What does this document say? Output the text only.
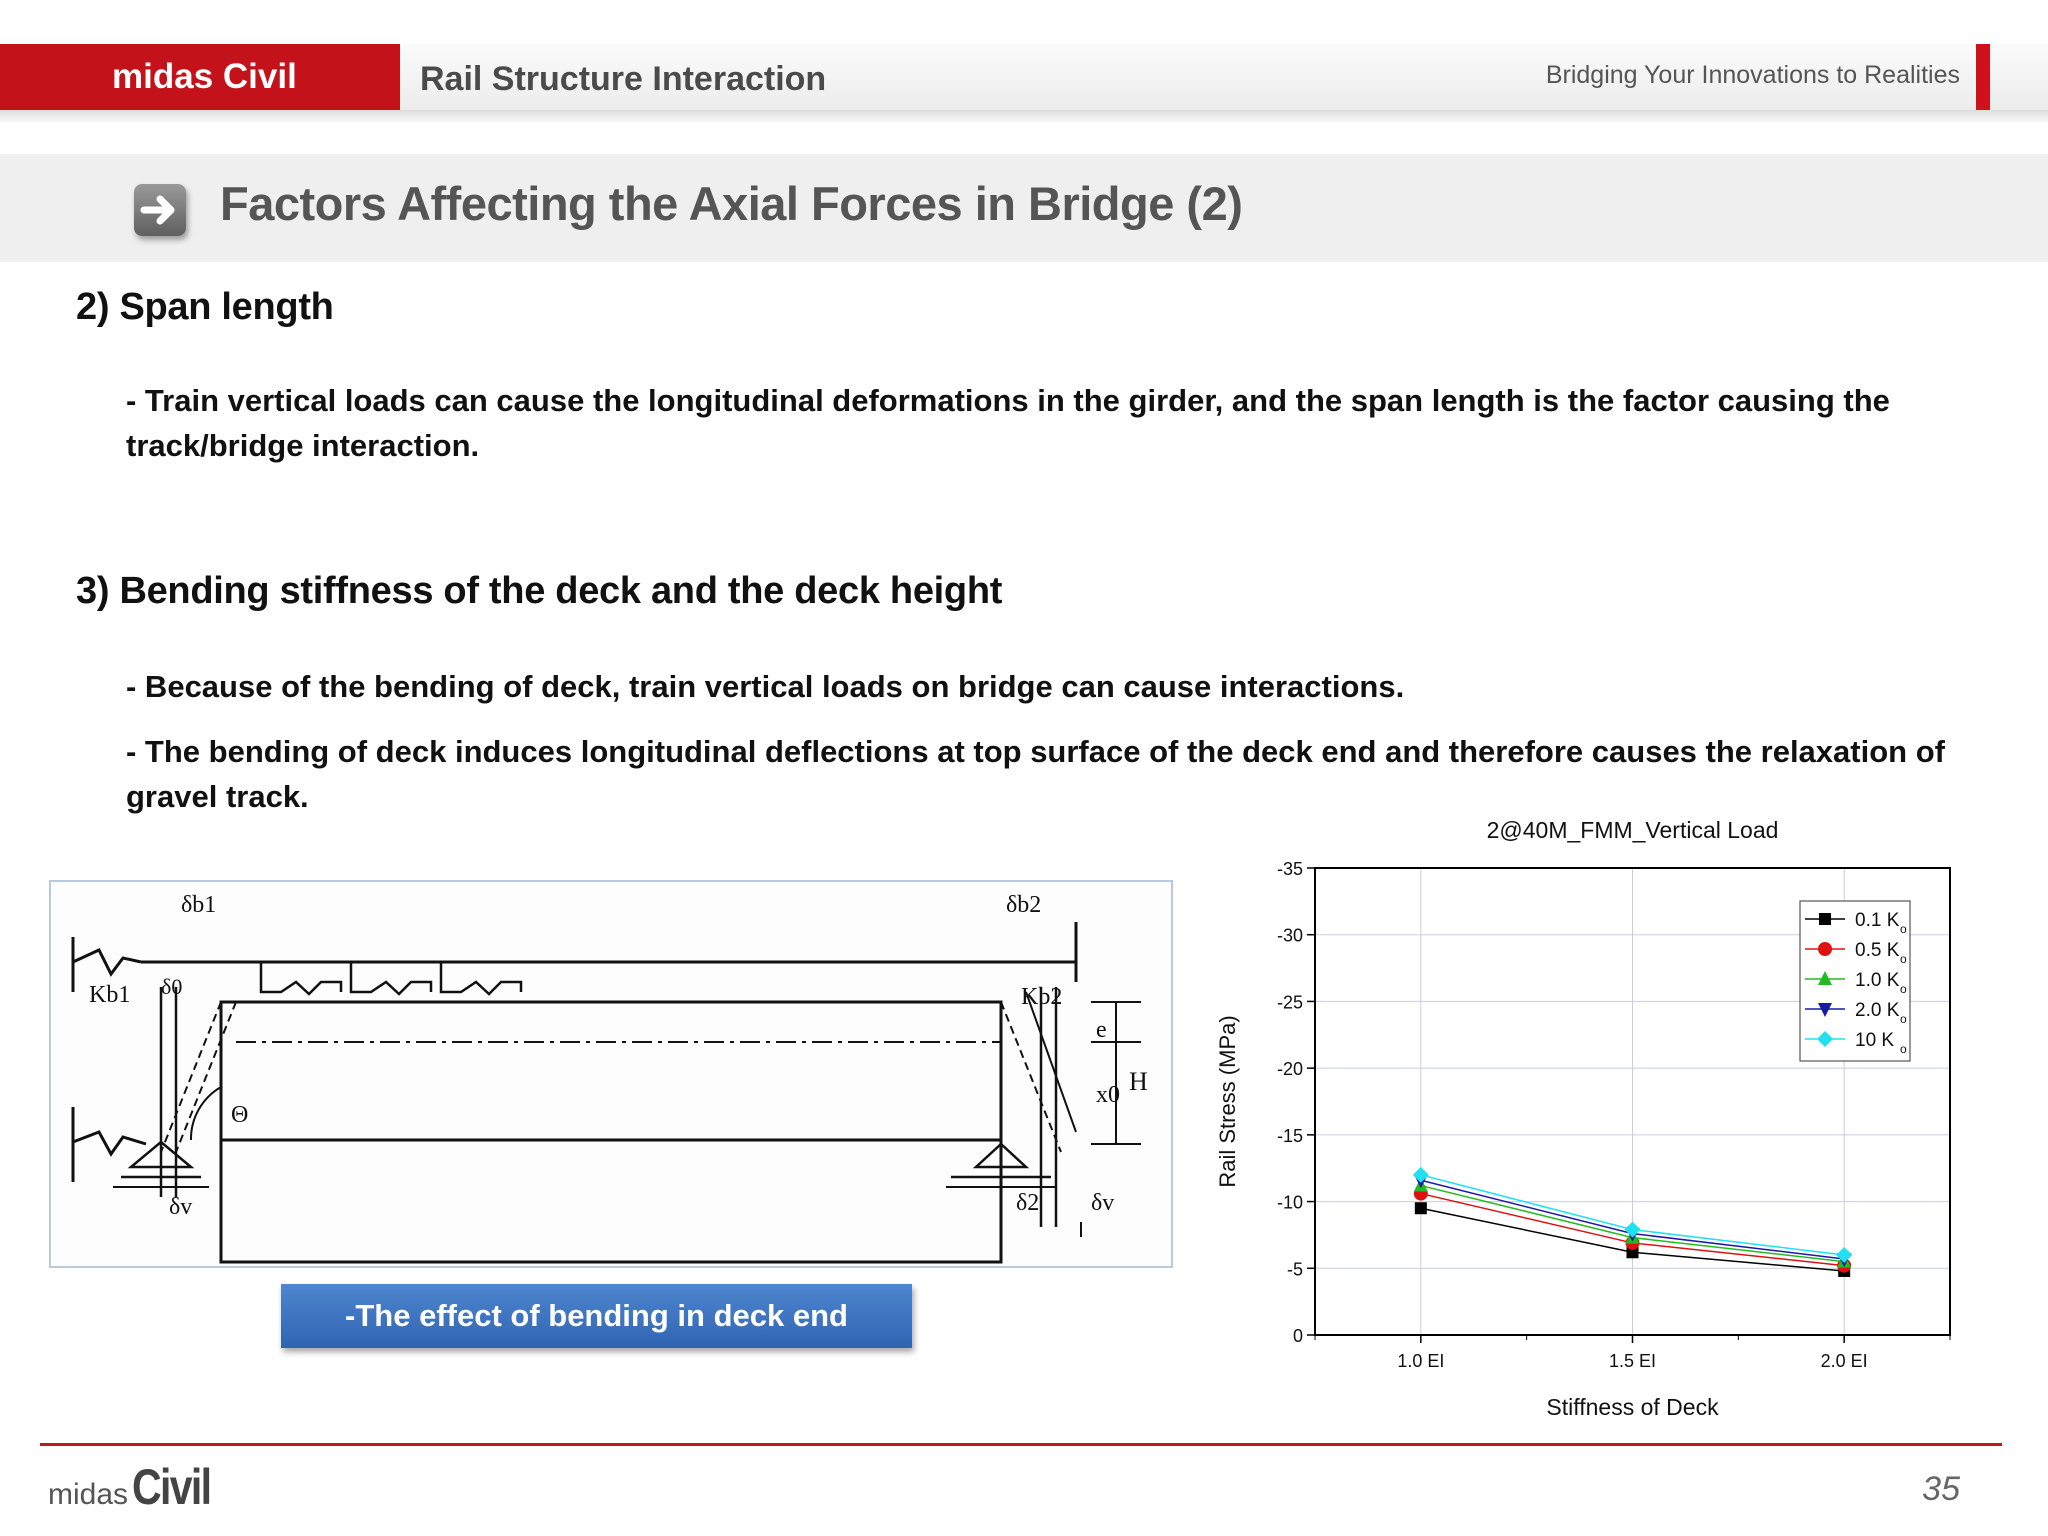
midas Civil	Rail Structure Interaction	Bridging Your Innovations to Realities
Factors Affecting the Axial Forces in Bridge (2)
2) Span length
- Train vertical loads can cause the longitudinal deformations in the girder, and the span length is the factor causing the track/bridge interaction.
3) Bending stiffness of the deck and the deck height
- Because of the bending of deck, train vertical loads on bridge can cause interactions.
- The bending of deck induces longitudinal deflections at top surface of the deck end and therefore causes the relaxation of gravel track.
δb1	δb2
Kb1	Kb2
δ0
e
x0 H
Θ
δv	δ2 δv
-The effect of bending in deck end
2@40M_FMM_Vertical Load
-35
-30
-25
-20
-15
-10
-5
0
1.0 EI	1.5 EI	2.0 EI
Stiffness of Deck
Rail Stress (MPa)
0.1 K o
0.5 K o
1.0 K o
2.0 K o
10 K o
midas Civil	35
